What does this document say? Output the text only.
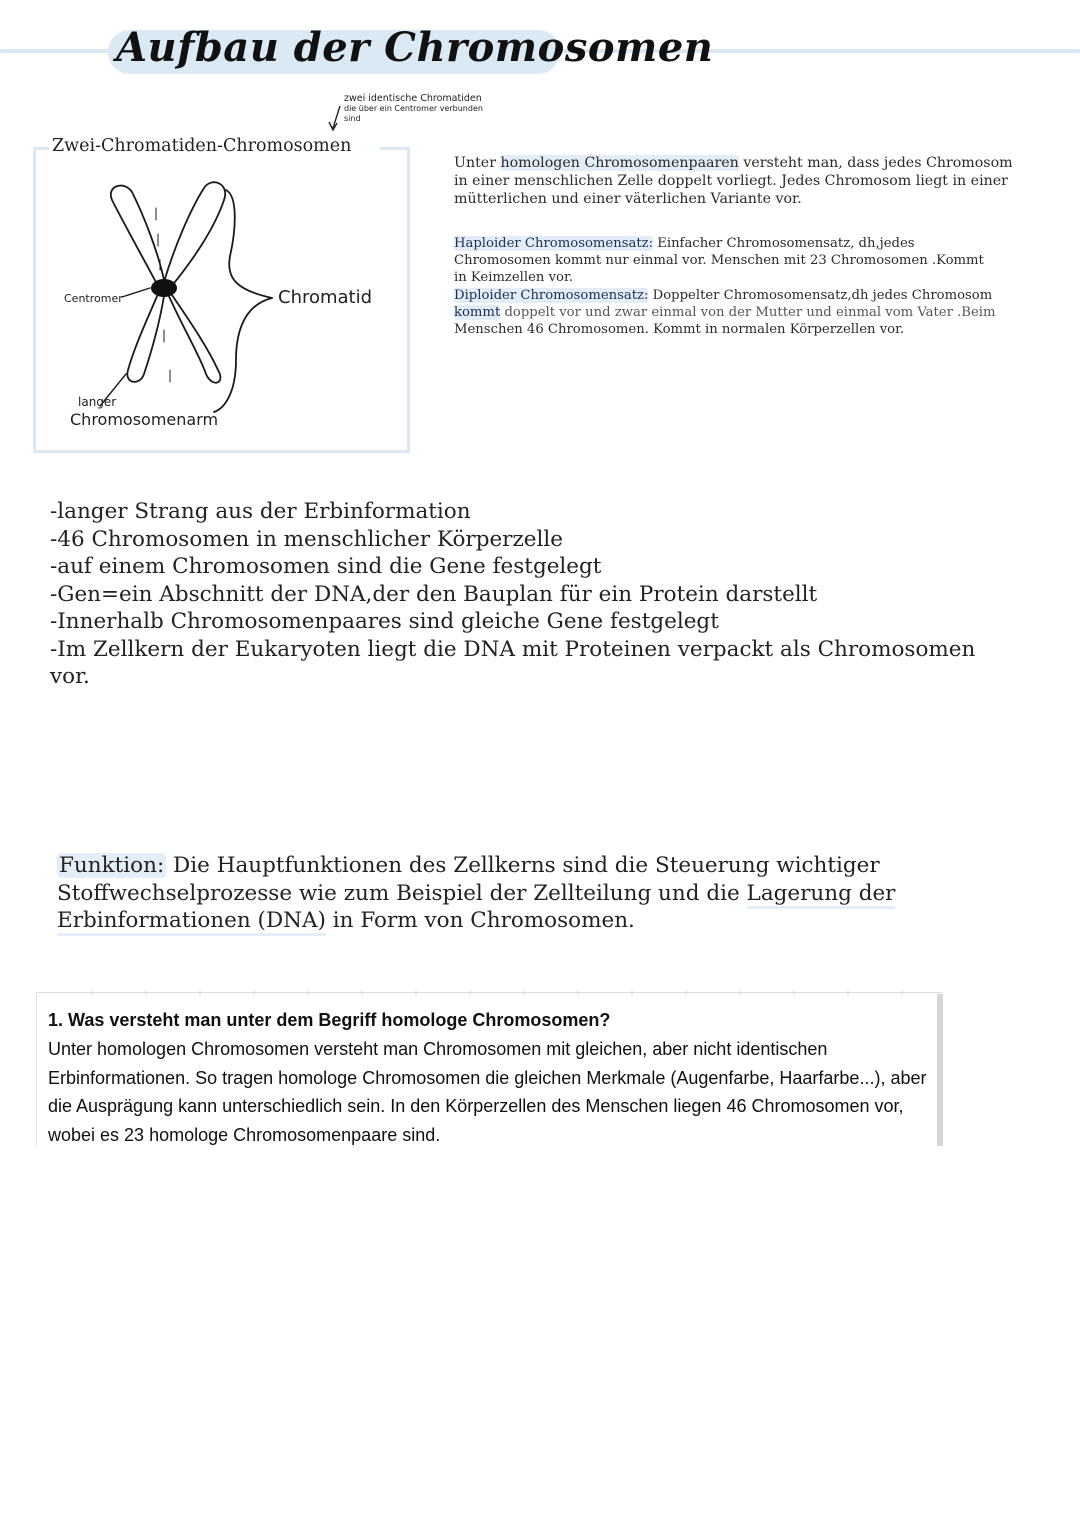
Aufbau der Chromosomen
zwei identische Chromatiden
die über ein Centromer verbunden
sind
Zwei-Chromatiden-Chromosomen
Centromer	Chromatid
langer
Chromosomenarm
Unter homologen Chromosomenpaaren versteht man, dass jedes Chromosom
in einer menschlichen Zelle doppelt vorliegt. Jedes Chromosom liegt in einer
mütterlichen und einer väterlichen Variante vor.
Haploider Chromosomensatz: Einfacher Chromosomensatz, dh,jedes
Chromosomen kommt nur einmal vor. Menschen mit 23 Chromosomen .Kommt
in Keimzellen vor.
Diploider Chromosomensatz: Doppelter Chromosomensatz,dh jedes Chromosom
kommt doppelt vor und zwar einmal von der Mutter und einmal vom Vater .Beim
Menschen 46 Chromosomen. Kommt in normalen Körperzellen vor.
-langer Strang aus der Erbinformation
-46 Chromosomen in menschlicher Körperzelle
-auf einem Chromosomen sind die Gene festgelegt
-Gen=ein Abschnitt der DNA,der den Bauplan für ein Protein darstellt
-Innerhalb Chromosomenpaares sind gleiche Gene festgelegt
-Im Zellkern der Eukaryoten liegt die DNA mit Proteinen verpackt als Chromosomen
vor.
Funktion: Die Hauptfunktionen des Zellkerns sind die Steuerung wichtiger
Stoffwechselprozesse wie zum Beispiel der Zellteilung und die Lagerung der
Erbinformationen (DNA) in Form von Chromosomen.
1. Was versteht man unter dem Begriff homologe Chromosomen?
Unter homologen Chromosomen versteht man Chromosomen mit gleichen, aber nicht identischen
Erbinformationen. So tragen homologe Chromosomen die gleichen Merkmale (Augenfarbe, Haarfarbe...), aber
die Ausprägung kann unterschiedlich sein. In den Körperzellen des Menschen liegen 46 Chromosomen vor,
wobei es 23 homologe Chromosomenpaare sind.
